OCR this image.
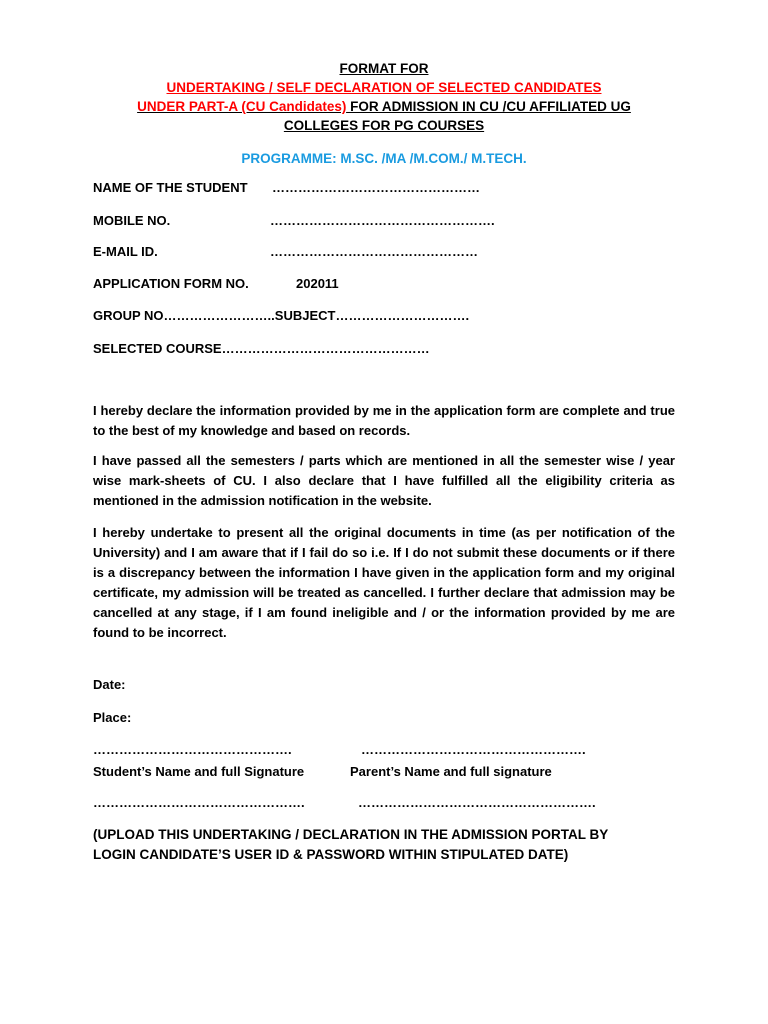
FORMAT FOR
UNDERTAKING / SELF DECLARATION OF SELECTED CANDIDATES
UNDER PART-A (CU Candidates) FOR ADMISSION IN CU /CU AFFILIATED UG
COLLEGES FOR PG COURSES
PROGRAMME: M.SC. /MA /M.COM./ M.TECH.
NAME OF THE STUDENT …………………………………………
MOBILE NO.	…………………………………………….
E-MAIL ID.	…………………………………………
APPLICATION FORM NO.	202011
GROUP NO……………………..SUBJECT………………………….
SELECTED COURSE…………………………………………
I hereby declare the information provided by me in the application form are complete and true to the best of my knowledge and based on records.
I have passed all the semesters / parts which are mentioned in all the semester wise / year wise mark-sheets of CU. I also declare that I have fulfilled all the eligibility criteria as mentioned in the admission notification in the website.
I hereby undertake to present all the original documents in time (as per notification of the University) and I am aware that if I fail do so i.e. If I do not submit these documents or if there is a discrepancy between the information I have given in the application form and my original certificate, my admission will be treated as cancelled. I further declare that admission may be cancelled at any stage, if I am found ineligible and / or the information provided by me are found to be incorrect.
Date:
Place:
……………………………………….	…………………………………………….
Student’s Name and full Signature	Parent’s Name and full signature
………………………………………….	……………………………………………….
(UPLOAD THIS UNDERTAKING / DECLARATION IN THE ADMISSION PORTAL BY
LOGIN CANDIDATE’S USER ID & PASSWORD WITHIN STIPULATED DATE)
